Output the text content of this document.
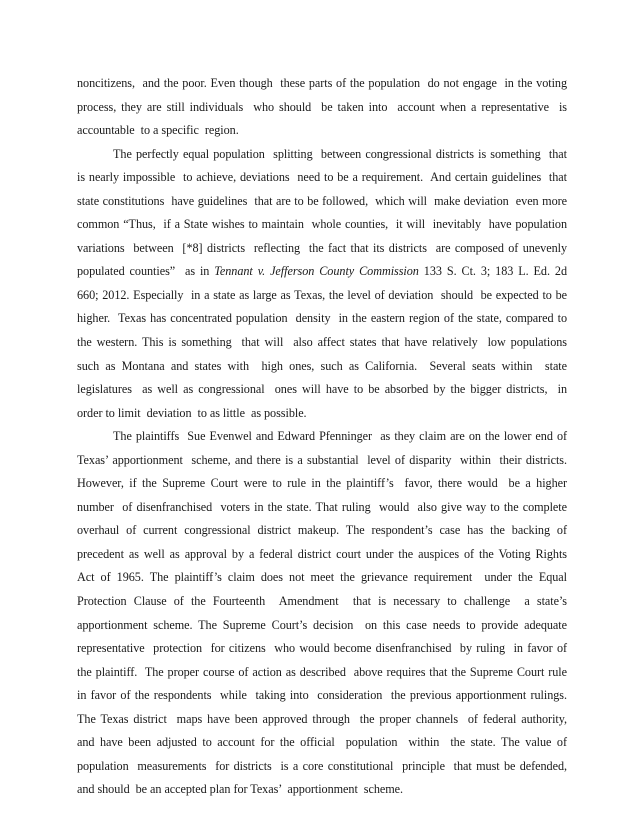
noncitizens,  and the poor. Even though  these parts of the population  do not engage  in the voting
process, they are still individuals  who should  be taken into  account when a representative  is
accountable  to a specific  region.
The perfectly equal population  splitting  between congressional districts is something  that
is nearly impossible  to achieve, deviations  need to be a requirement.  And certain guidelines  that
state constitutions  have guidelines  that are to be followed,  which will  make deviation  even more
common “Thus,  if a State wishes to maintain  whole counties,  it will  inevitably  have population
variations  between  [*8] districts  reflecting  the fact that its districts  are composed of unevenly
populated counties”  as in Tennant v. Jefferson County Commission 133 S. Ct. 3; 183 L. Ed. 2d
660; 2012. Especially  in a state as large as Texas, the level of deviation  should  be expected to be
higher.  Texas has concentrated population  density  in the eastern region of the state, compared to
the western. This is something  that will  also affect states that have relatively  low populations
such as Montana and states with  high ones, such as California.  Several seats within  state
legislatures  as well as congressional  ones will have to be absorbed by the bigger districts,  in
order to limit  deviation  to as little  as possible.
The plaintiffs  Sue Evenwel and Edward Pfenninger  as they claim are on the lower end of
Texas’ apportionment  scheme, and there is a substantial  level of disparity  within  their districts.
However, if the Supreme Court were to rule in the plaintiff’s  favor, there would  be a higher
number  of disenfranchised  voters in the state. That ruling  would  also give way to the complete
overhaul of current congressional district makeup. The respondent’s case has the backing of
precedent as well as approval by a federal district court under the auspices of the Voting Rights
Act of 1965. The plaintiff’s claim does not meet the grievance requirement  under the Equal
Protection Clause of the Fourteenth  Amendment  that is necessary to challenge  a state’s
apportionment scheme. The Supreme Court’s decision  on this case needs to provide adequate
representative  protection  for citizens  who would become disenfranchised  by ruling  in favor of
the plaintiff.  The proper course of action as described  above requires that the Supreme Court rule
in favor of the respondents  while  taking into  consideration  the previous apportionment rulings.
The Texas district  maps have been approved through  the proper channels  of federal authority,
and have been adjusted to account for the official  population  within  the state. The value of
population  measurements  for districts  is a core constitutional  principle  that must be defended,
and should  be an accepted plan for Texas’  apportionment  scheme.
